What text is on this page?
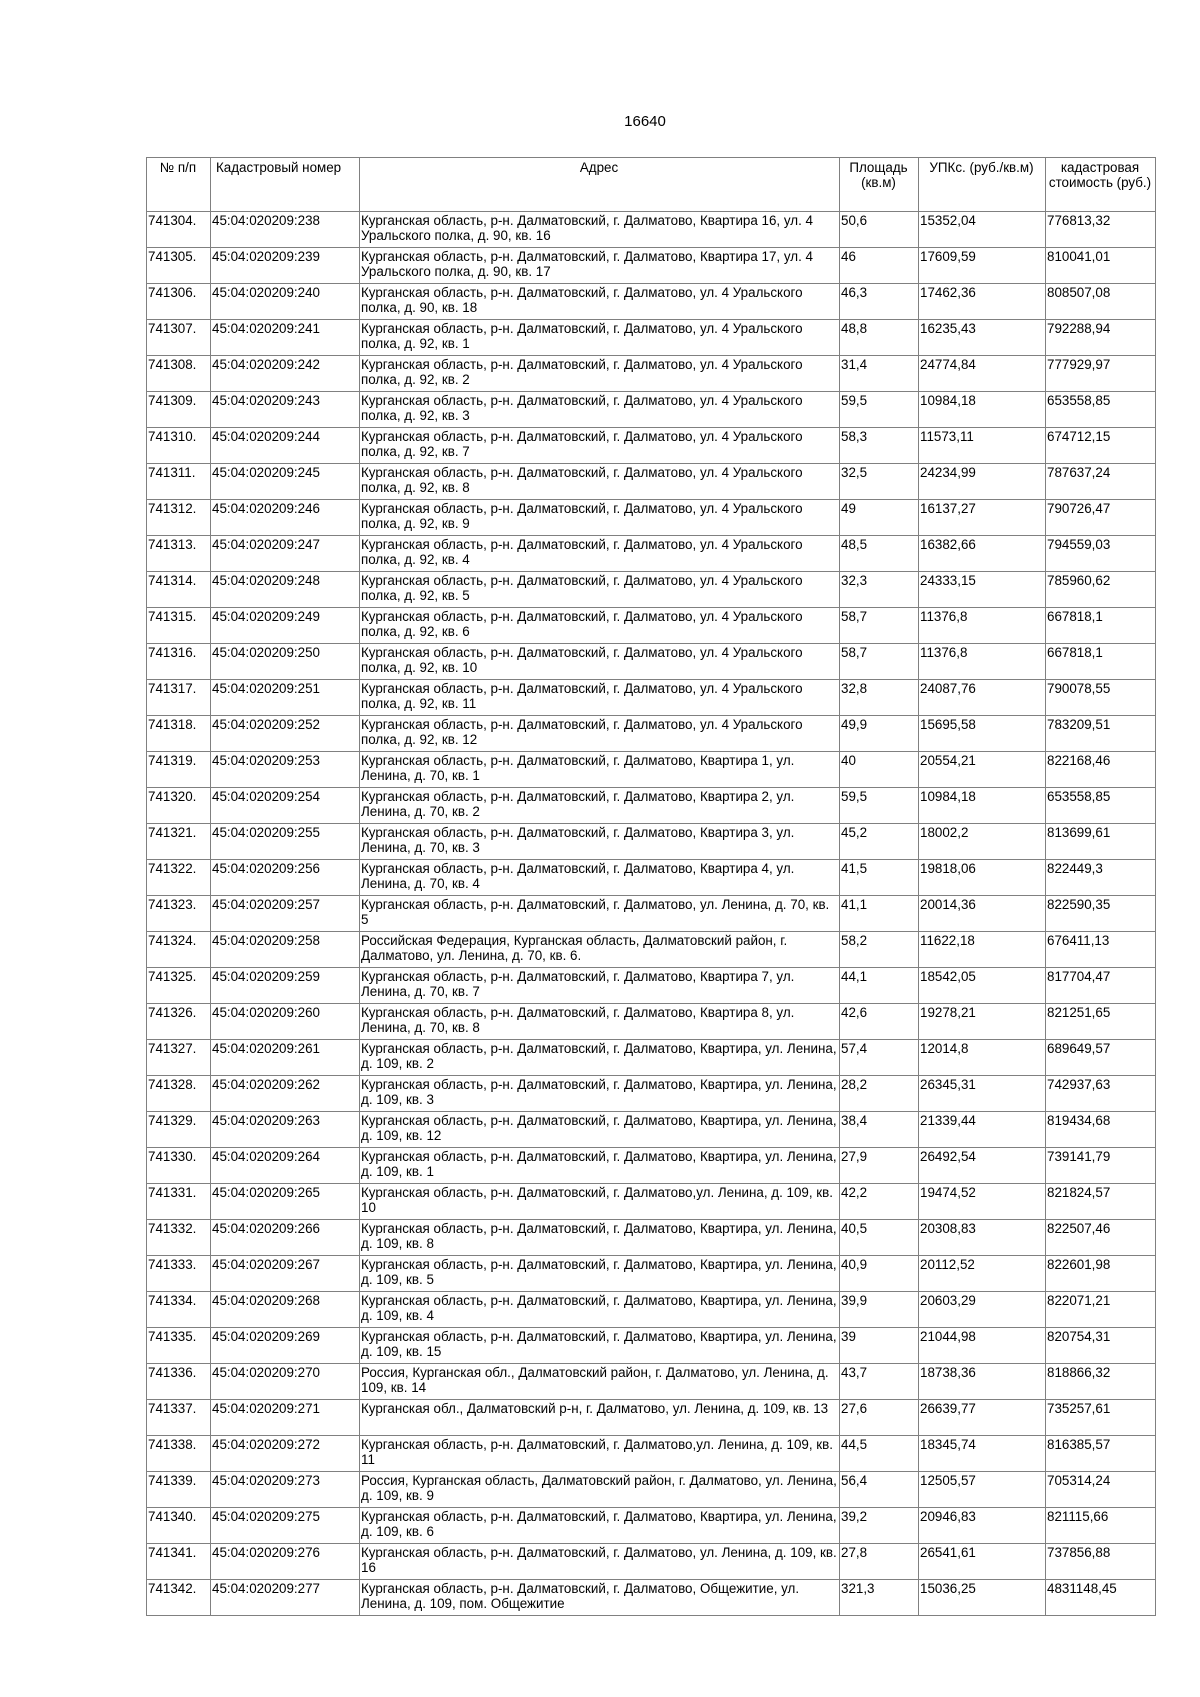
16640
№ п/п	Кадастровый номер	Адрес	Площадь (кв.м)	УПКс. (руб./кв.м)	кадастровая стоимость (руб.)
741304.	45:04:020209:238	Курганская область, р-н. Далматовский, г. Далматово, Квартира 16, ул. 4 Уральского полка, д. 90, кв. 16	50,6	15352,04	776813,32
741305.	45:04:020209:239	Курганская область, р-н. Далматовский, г. Далматово, Квартира 17, ул. 4 Уральского полка, д. 90, кв. 17	46	17609,59	810041,01
741306.	45:04:020209:240	Курганская область, р-н. Далматовский, г. Далматово, ул. 4 Уральского полка, д. 90, кв. 18	46,3	17462,36	808507,08
741307.	45:04:020209:241	Курганская область, р-н. Далматовский, г. Далматово, ул. 4 Уральского полка, д. 92, кв. 1	48,8	16235,43	792288,94
741308.	45:04:020209:242	Курганская область, р-н. Далматовский, г. Далматово, ул. 4 Уральского полка, д. 92, кв. 2	31,4	24774,84	777929,97
741309.	45:04:020209:243	Курганская область, р-н. Далматовский, г. Далматово, ул. 4 Уральского полка, д. 92, кв. 3	59,5	10984,18	653558,85
741310.	45:04:020209:244	Курганская область, р-н. Далматовский, г. Далматово, ул. 4 Уральского полка, д. 92, кв. 7	58,3	11573,11	674712,15
741311.	45:04:020209:245	Курганская область, р-н. Далматовский, г. Далматово, ул. 4 Уральского полка, д. 92, кв. 8	32,5	24234,99	787637,24
741312.	45:04:020209:246	Курганская область, р-н. Далматовский, г. Далматово, ул. 4 Уральского полка, д. 92, кв. 9	49	16137,27	790726,47
741313.	45:04:020209:247	Курганская область, р-н. Далматовский, г. Далматово, ул. 4 Уральского полка, д. 92, кв. 4	48,5	16382,66	794559,03
741314.	45:04:020209:248	Курганская область, р-н. Далматовский, г. Далматово, ул. 4 Уральского полка, д. 92, кв. 5	32,3	24333,15	785960,62
741315.	45:04:020209:249	Курганская область, р-н. Далматовский, г. Далматово, ул. 4 Уральского полка, д. 92, кв. 6	58,7	11376,8	667818,1
741316.	45:04:020209:250	Курганская область, р-н. Далматовский, г. Далматово, ул. 4 Уральского полка, д. 92, кв. 10	58,7	11376,8	667818,1
741317.	45:04:020209:251	Курганская область, р-н. Далматовский, г. Далматово, ул. 4 Уральского полка, д. 92, кв. 11	32,8	24087,76	790078,55
741318.	45:04:020209:252	Курганская область, р-н. Далматовский, г. Далматово, ул. 4 Уральского полка, д. 92, кв. 12	49,9	15695,58	783209,51
741319.	45:04:020209:253	Курганская область, р-н. Далматовский, г. Далматово, Квартира 1, ул. Ленина, д. 70, кв. 1	40	20554,21	822168,46
741320.	45:04:020209:254	Курганская область, р-н. Далматовский, г. Далматово, Квартира 2, ул. Ленина, д. 70, кв. 2	59,5	10984,18	653558,85
741321.	45:04:020209:255	Курганская область, р-н. Далматовский, г. Далматово, Квартира 3, ул. Ленина, д. 70, кв. 3	45,2	18002,2	813699,61
741322.	45:04:020209:256	Курганская область, р-н. Далматовский, г. Далматово, Квартира 4, ул. Ленина, д. 70, кв. 4	41,5	19818,06	822449,3
741323.	45:04:020209:257	Курганская область, р-н. Далматовский, г. Далматово, ул. Ленина, д. 70, кв. 5	41,1	20014,36	822590,35
741324.	45:04:020209:258	Российская Федерация, Курганская область, Далматовский район, г. Далматово, ул. Ленина, д. 70, кв. 6.	58,2	11622,18	676411,13
741325.	45:04:020209:259	Курганская область, р-н. Далматовский, г. Далматово, Квартира 7, ул. Ленина, д. 70, кв. 7	44,1	18542,05	817704,47
741326.	45:04:020209:260	Курганская область, р-н. Далматовский, г. Далматово, Квартира 8, ул. Ленина, д. 70, кв. 8	42,6	19278,21	821251,65
741327.	45:04:020209:261	Курганская область, р-н. Далматовский, г. Далматово, Квартира, ул. Ленина, д. 109, кв. 2	57,4	12014,8	689649,57
741328.	45:04:020209:262	Курганская область, р-н. Далматовский, г. Далматово, Квартира, ул. Ленина, д. 109, кв. 3	28,2	26345,31	742937,63
741329.	45:04:020209:263	Курганская область, р-н. Далматовский, г. Далматово, Квартира, ул. Ленина, д. 109, кв. 12	38,4	21339,44	819434,68
741330.	45:04:020209:264	Курганская область, р-н. Далматовский, г. Далматово, Квартира, ул. Ленина, д. 109, кв. 1	27,9	26492,54	739141,79
741331.	45:04:020209:265	Курганская область, р-н. Далматовский, г. Далматово,ул. Ленина, д. 109, кв. 10	42,2	19474,52	821824,57
741332.	45:04:020209:266	Курганская область, р-н. Далматовский, г. Далматово, Квартира, ул. Ленина, д. 109, кв. 8	40,5	20308,83	822507,46
741333.	45:04:020209:267	Курганская область, р-н. Далматовский, г. Далматово, Квартира, ул. Ленина, д. 109, кв. 5	40,9	20112,52	822601,98
741334.	45:04:020209:268	Курганская область, р-н. Далматовский, г. Далматово, Квартира, ул. Ленина, д. 109, кв. 4	39,9	20603,29	822071,21
741335.	45:04:020209:269	Курганская область, р-н. Далматовский, г. Далматово, Квартира, ул. Ленина, д. 109, кв. 15	39	21044,98	820754,31
741336.	45:04:020209:270	Россия, Курганская обл., Далматовский район, г. Далматово, ул. Ленина, д. 109, кв. 14	43,7	18738,36	818866,32
741337.	45:04:020209:271	Курганская обл., Далматовский р-н, г. Далматово, ул. Ленина, д. 109, кв. 13	27,6	26639,77	735257,61
741338.	45:04:020209:272	Курганская область, р-н. Далматовский, г. Далматово,ул. Ленина, д. 109, кв. 11	44,5	18345,74	816385,57
741339.	45:04:020209:273	Россия, Курганская область, Далматовский район, г. Далматово, ул. Ленина, д. 109, кв. 9	56,4	12505,57	705314,24
741340.	45:04:020209:275	Курганская область, р-н. Далматовский, г. Далматово, Квартира, ул. Ленина, д. 109, кв. 6	39,2	20946,83	821115,66
741341.	45:04:020209:276	Курганская область, р-н. Далматовский, г. Далматово, ул. Ленина, д. 109, кв. 16	27,8	26541,61	737856,88
741342.	45:04:020209:277	Курганская область, р-н. Далматовский, г. Далматово, Общежитие, ул. Ленина, д. 109, пом. Общежитие	321,3	15036,25	4831148,45
